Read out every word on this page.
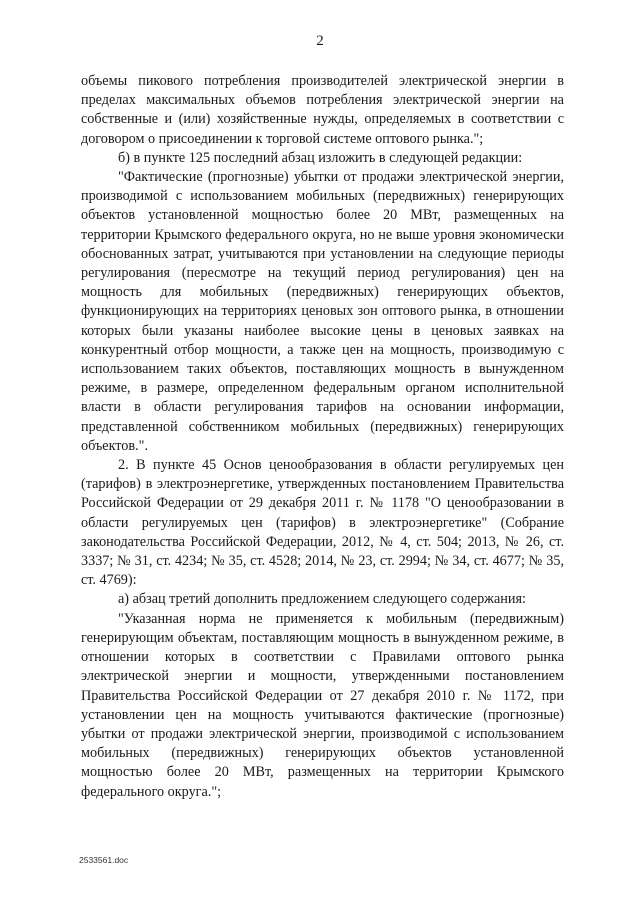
2

объемы пикового потребления производителей электрической энергии в пределах максимальных объемов потребления электрической энергии на собственные и (или) хозяйственные нужды, определяемых в соответствии с договором о присоединении к торговой системе оптового рынка.";

б) в пункте 125 последний абзац изложить в следующей редакции:

"Фактические (прогнозные) убытки от продажи электрической энергии, производимой с использованием мобильных (передвижных) генерирующих объектов установленной мощностью более 20 МВт, размещенных на территории Крымского федерального округа, но не выше уровня экономически обоснованных затрат, учитываются при установлении на следующие периоды регулирования (пересмотре на текущий период регулирования) цен на мощность для мобильных (передвижных) генерирующих объектов, функционирующих на территориях ценовых зон оптового рынка, в отношении которых были указаны наиболее высокие цены в ценовых заявках на конкурентный отбор мощности, а также цен на мощность, производимую с использованием таких объектов, поставляющих мощность в вынужденном режиме, в размере, определенном федеральным органом исполнительной власти в области регулирования тарифов на основании информации, представленной собственником мобильных (передвижных) генерирующих объектов.".

2. В пункте 45 Основ ценообразования в области регулируемых цен (тарифов) в электроэнергетике, утвержденных постановлением Правительства Российской Федерации от 29 декабря 2011 г. № 1178 "О ценообразовании в области регулируемых цен (тарифов) в электроэнергетике" (Собрание законодательства Российской Федерации, 2012, № 4, ст. 504; 2013, № 26, ст. 3337; № 31, ст. 4234; № 35, ст. 4528; 2014, № 23, ст. 2994; № 34, ст. 4677; № 35, ст. 4769):

а) абзац третий дополнить предложением следующего содержания:

"Указанная норма не применяется к мобильным (передвижным) генерирующим объектам, поставляющим мощность в вынужденном режиме, в отношении которых в соответствии с Правилами оптового рынка электрической энергии и мощности, утвержденными постановлением Правительства Российской Федерации от 27 декабря 2010 г. № 1172, при установлении цен на мощность учитываются фактические (прогнозные) убытки от продажи электрической энергии, производимой с использованием мобильных (передвижных) генерирующих объектов установленной мощностью более 20 МВт, размещенных на территории Крымского федерального округа.";

2533561.doc
